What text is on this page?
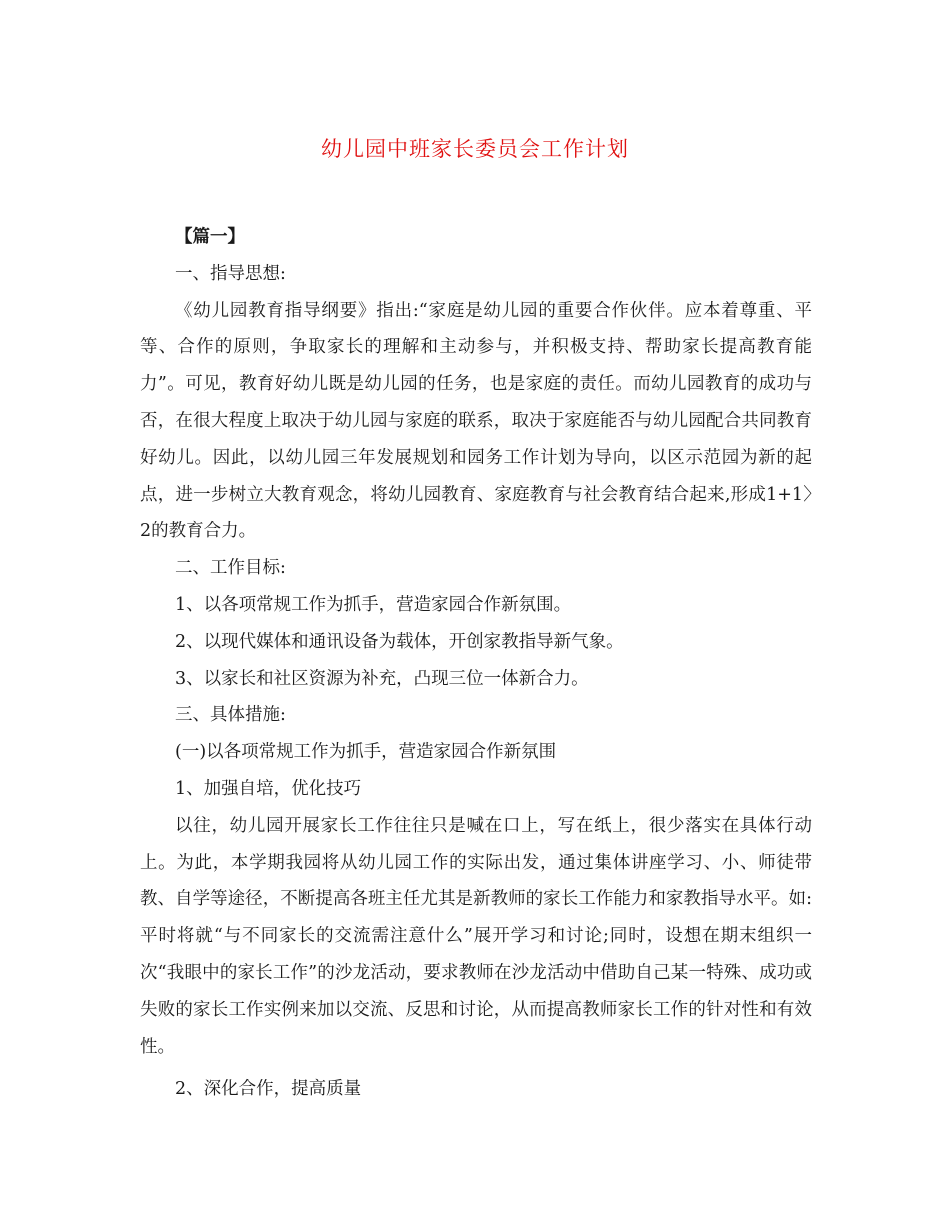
幼儿园中班家长委员会工作计划

【篇一】

一、指导思想:

《幼儿园教育指导纲要》指出:“家庭是幼儿园的重要合作伙伴。应本着尊重、平等、合作的原则，争取家长的理解和主动参与，并积极支持、帮助家长提高教育能力”。可见，教育好幼儿既是幼儿园的任务，也是家庭的责任。而幼儿园教育的成功与否，在很大程度上取决于幼儿园与家庭的联系，取决于家庭能否与幼儿园配合共同教育好幼儿。因此，以幼儿园三年发展规划和园务工作计划为导向，以区示范园为新的起点，进一步树立大教育观念，将幼儿园教育、家庭教育与社会教育结合起来,形成1+1〉2的教育合力。

二、工作目标:

1、以各项常规工作为抓手，营造家园合作新氛围。

2、以现代媒体和通讯设备为载体，开创家教指导新气象。

3、以家长和社区资源为补充，凸现三位一体新合力。

三、具体措施:

(一)以各项常规工作为抓手，营造家园合作新氛围

1、加强自培，优化技巧

以往，幼儿园开展家长工作往往只是喊在口上，写在纸上，很少落实在具体行动上。为此，本学期我园将从幼儿园工作的实际出发，通过集体讲座学习、小、师徒带教、自学等途径，不断提高各班主任尤其是新教师的家长工作能力和家教指导水平。如:平时将就“与不同家长的交流需注意什么”展开学习和讨论;同时，设想在期末组织一次“我眼中的家长工作”的沙龙活动，要求教师在沙龙活动中借助自己某一特殊、成功或失败的家长工作实例来加以交流、反思和讨论，从而提高教师家长工作的针对性和有效性。

2、深化合作，提高质量
